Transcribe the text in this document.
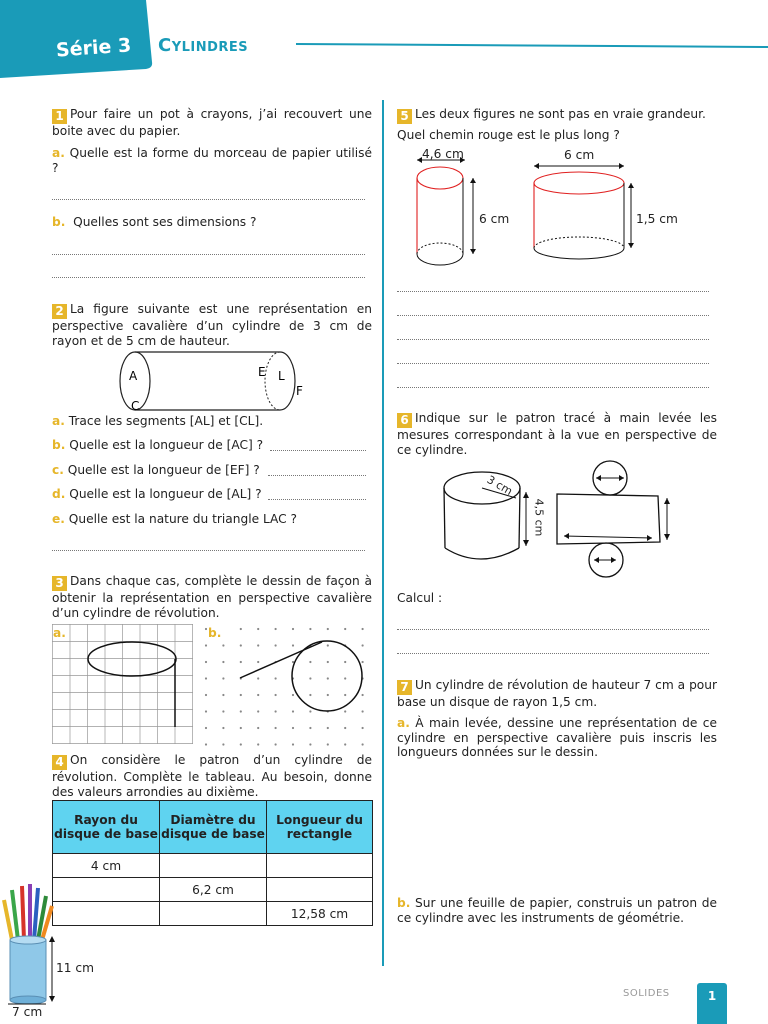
Série 3 Cylindres
1 Pour faire un pot à crayons, j’ai recouvert une boite avec du papier.
a. Quelle est la forme du morceau de papier utilisé ?
b. Quelles sont ses dimensions ?
2 La figure suivante est une représentation en perspective cavalière d’un cylindre de 3 cm de rayon et de 5 cm de hauteur.
A
C
E L
F
a. Trace les segments [AL] et [CL].
b. Quelle est la longueur de [AC] ?
c. Quelle est la longueur de [EF] ?
d. Quelle est la longueur de [AL] ?
e. Quelle est la nature du triangle LAC ?
3 Dans chaque cas, complète le dessin de façon à obtenir la représentation en perspective cavalière d’un cylindre de révolution.
a.	b.
4 On considère le patron d’un cylindre de révolution. Complète le tableau. Au besoin, donne des valeurs arrondies au dixième.
Rayon du disque de base	Diamètre du disque de base	Longueur du rectangle
4 cm		
	6,2 cm	
		12,58 cm
11 cm
7 cm
5 Les deux figures ne sont pas en vraie grandeur.
Quel chemin rouge est le plus long ?
4,6 cm
6 cm
6 cm
1,5 cm
6 Indique sur le patron tracé à main levée les mesures correspondant à la vue en perspective de ce cylindre.
3 cm
4,5 cm
Calcul :
7 Un cylindre de révolution de hauteur 7 cm a pour base un disque de rayon 1,5 cm.
a. À main levée, dessine une représentation de ce cylindre en perspective cavalière puis inscris les longueurs données sur le dessin.
b. Sur une feuille de papier, construis un patron de ce cylindre avec les instruments de géométrie.
SOLIDES	1
